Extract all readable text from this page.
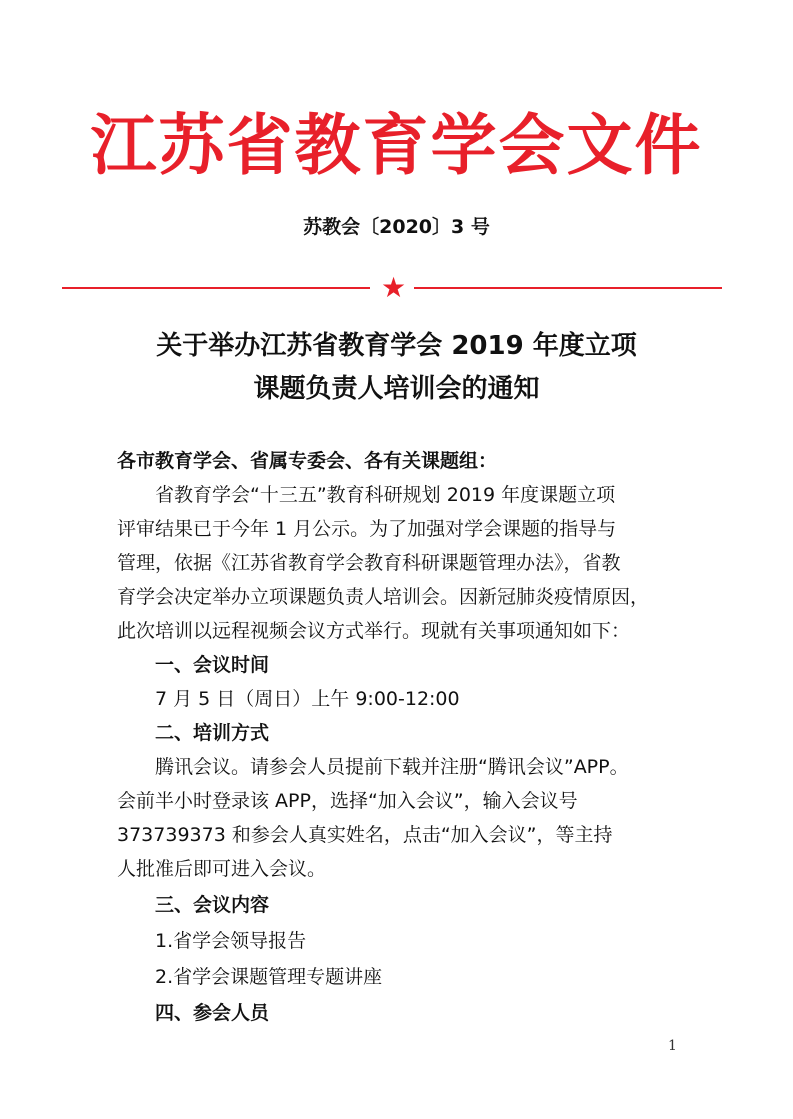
江苏省教育学会文件
苏教会〔2020〕3 号
★
关于举办江苏省教育学会 2019 年度立项
课题负责人培训会的通知
各市教育学会、省属专委会、各有关课题组：
省教育学会“十三五”教育科研规划 2019 年度课题立项
评审结果已于今年 1 月公示。为了加强对学会课题的指导与
管理，依据《江苏省教育学会教育科研课题管理办法》，省教
育学会决定举办立项课题负责人培训会。因新冠肺炎疫情原因，
此次培训以远程视频会议方式举行。现就有关事项通知如下：
一、会议时间
7 月 5 日（周日）上午 9:00-12:00
二、培训方式
腾讯会议。请参会人员提前下载并注册“腾讯会议”APP。
会前半小时登录该 APP，选择“加入会议”，输入会议号
373739373 和参会人真实姓名，点击“加入会议”，等主持
人批准后即可进入会议。
三、会议内容
1.省学会领导报告
2.省学会课题管理专题讲座
四、参会人员
1
